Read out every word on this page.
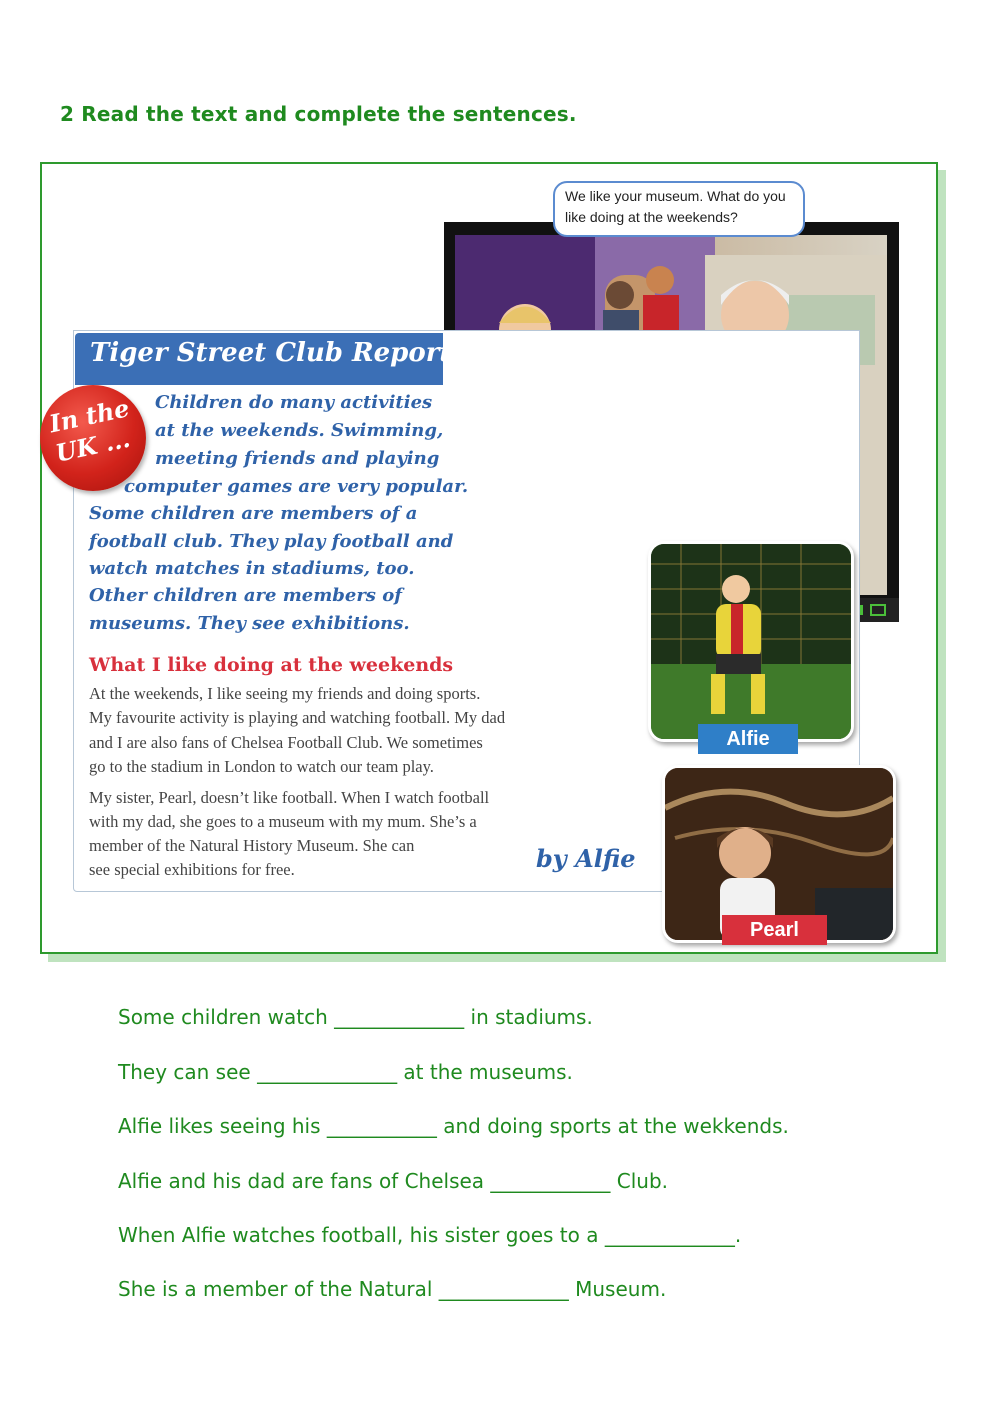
2 Read the text and complete the sentences.
We like your museum. What do you like doing at the weekends?
Tiger Street Club Report
In the
UK ...
Children do many activities
at the weekends. Swimming,
meeting friends and playing
computer games are very popular.
Some children are members of a
football club. They play football and
watch matches in stadiums, too.
Other children are members of
museums. They see exhibitions.
What I like doing at the weekends
At the weekends, I like seeing my friends and doing sports.
My favourite activity is playing and watching football. My dad
and I are also fans of Chelsea Football Club. We sometimes
go to the stadium in London to watch our team play.
My sister, Pearl, doesn’t like football. When I watch football
with my dad, she goes to a museum with my mum. She’s a
member of the Natural History Museum. She can
see special exhibitions for free.	by Alfie
Alfie
Pearl
Some children watch _____________ in stadiums.
They can see ______________ at the museums.
Alfie likes seeing his ___________ and doing sports at the wekkends.
Alfie and his dad are fans of Chelsea ____________ Club.
When Alfie watches football, his sister goes to a _____________.
She is a member of the Natural _____________ Museum.
